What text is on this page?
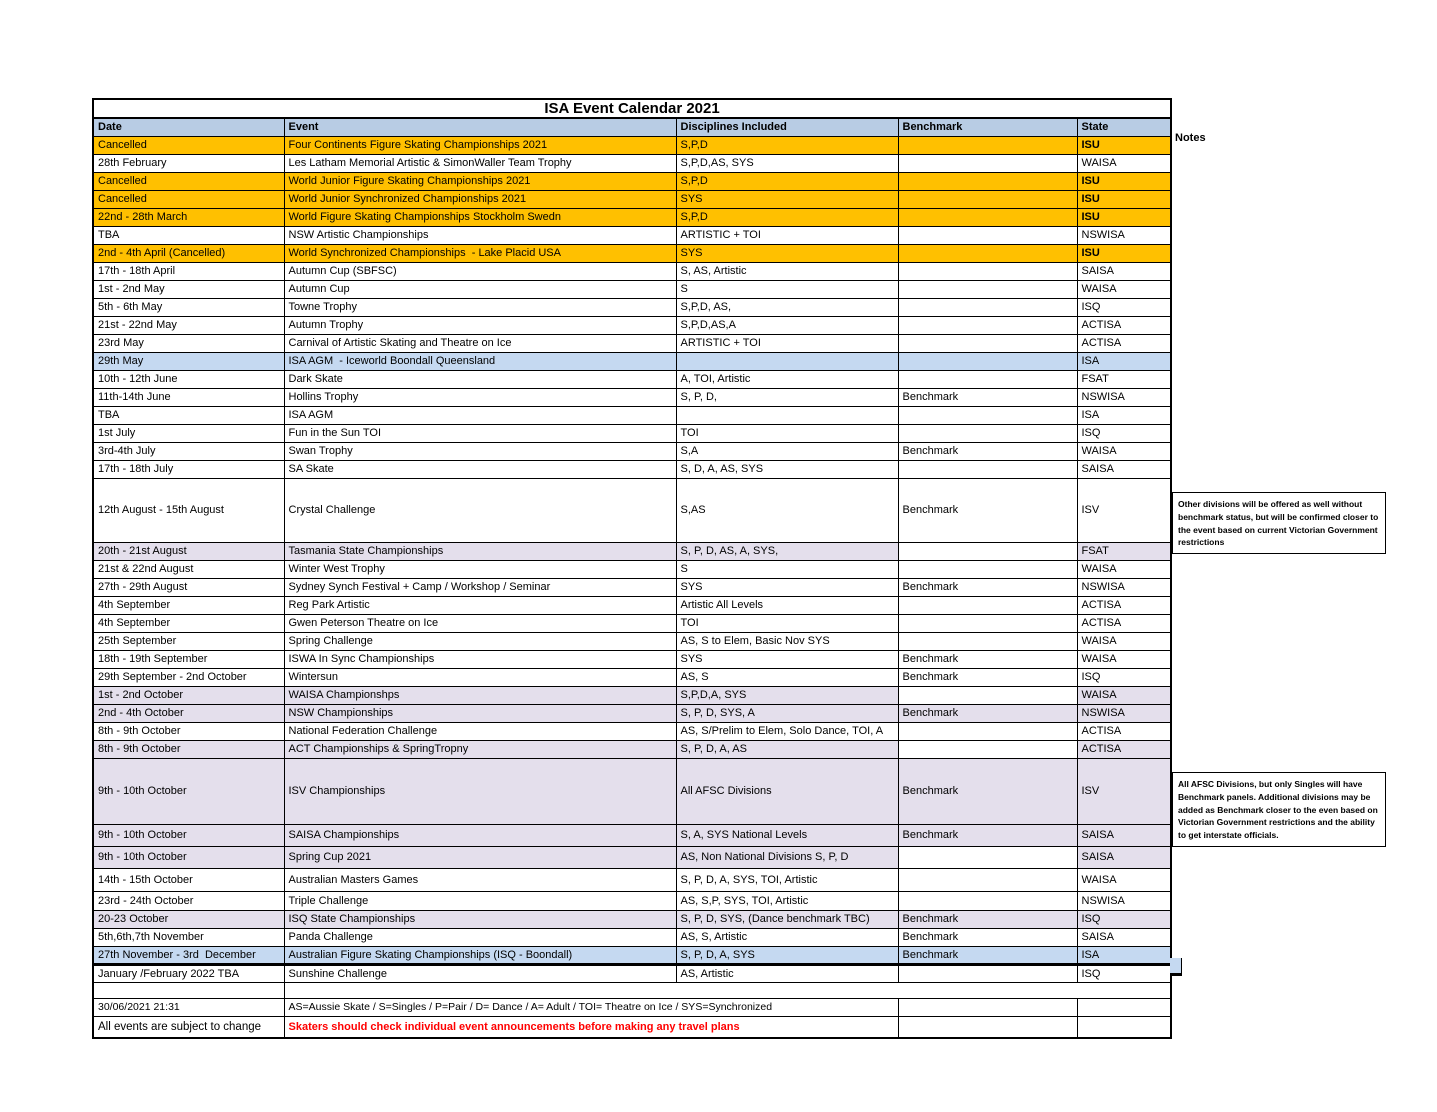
ISA Event Calendar 2021				
Date	Event	Disciplines Included	Benchmark	State
Cancelled	Four Continents Figure Skating Championships 2021	S,P,D		ISU
28th February	Les Latham Memorial Artistic & SimonWaller Team Trophy	S,P,D,AS, SYS		WAISA
Cancelled	World Junior Figure Skating Championships 2021	S,P,D		ISU
Cancelled	World Junior Synchronized Championships 2021	SYS		ISU
22nd - 28th March	World Figure Skating Championships Stockholm Swedn	S,P,D		ISU
TBA	NSW Artistic Championships	ARTISTIC + TOI		NSWISA
2nd - 4th April (Cancelled)	World Synchronized Championships  - Lake Placid USA	SYS		ISU
17th - 18th April	Autumn Cup (SBFSC)	S, AS, Artistic		SAISA
1st - 2nd May	Autumn Cup	S		WAISA
5th - 6th May	Towne Trophy	S,P,D, AS,		ISQ
21st - 22nd May	Autumn Trophy	S,P,D,AS,A		ACTISA
23rd May	Carnival of Artistic Skating and Theatre on Ice	ARTISTIC + TOI		ACTISA
29th May	ISA AGM  - Iceworld Boondall Queensland			ISA
10th - 12th June	Dark Skate	A, TOI, Artistic		FSAT
11th-14th June	Hollins Trophy	S, P, D,	Benchmark	NSWISA
TBA	ISA AGM			ISA
1st July	Fun in the Sun TOI	TOI		ISQ
3rd-4th July	Swan Trophy	S,A	Benchmark	WAISA
17th - 18th July	SA Skate	S, D, A, AS, SYS		SAISA
12th August - 15th August	Crystal Challenge	S,AS	Benchmark	ISV
20th - 21st August	Tasmania State Championships	S, P, D, AS, A, SYS,		FSAT
21st & 22nd August	Winter West Trophy	S		WAISA
27th - 29th August	Sydney Synch Festival + Camp / Workshop / Seminar	SYS	Benchmark	NSWISA
4th September	Reg Park Artistic	Artistic All Levels		ACTISA
4th September	Gwen Peterson Theatre on Ice	TOI		ACTISA
25th September	Spring Challenge	AS, S to Elem, Basic Nov SYS		WAISA
18th - 19th September	ISWA In Sync Championships	SYS	Benchmark	WAISA
29th September - 2nd October	Wintersun	AS, S	Benchmark	ISQ
1st - 2nd October	WAISA Championshps	S,P,D,A, SYS		WAISA
2nd - 4th October	NSW Championships	S, P, D, SYS, A	Benchmark	NSWISA
8th - 9th October	National Federation Challenge	AS, S/Prelim to Elem, Solo Dance, TOI, A		ACTISA
8th - 9th October	ACT Championships & SpringTropny	S, P, D, A, AS		ACTISA
9th - 10th October	ISV Championships	All AFSC Divisions	Benchmark	ISV
9th - 10th October	SAISA Championships	S, A, SYS National Levels	Benchmark	SAISA
9th - 10th October	Spring Cup 2021	AS, Non National Divisions S, P, D		SAISA
14th - 15th October	Australian Masters Games	S, P, D, A, SYS, TOI, Artistic		WAISA
23rd - 24th October	Triple Challenge	AS, S,P, SYS, TOI, Artistic		NSWISA
20-23 October	ISQ State Championships	S, P, D, SYS, (Dance benchmark TBC)	Benchmark	ISQ
5th,6th,7th November	Panda Challenge	AS, S, Artistic	Benchmark	SAISA
27th November - 3rd  December	Australian Figure Skating Championships (ISQ - Boondall)	S, P, D, A, SYS	Benchmark	ISA
January /February 2022 TBA	Sunshine Challenge	AS, Artistic		ISQ

30/06/2021 21:31	AS=Aussie Skate / S=Singles / P=Pair / D= Dance / A= Adult / TOI= Theatre on Ice / SYS=Synchronized			
All events are subject to change	Skaters should check individual event announcements before making any travel plans			
Notes
Other divisions will be offered as well without benchmark status, but will be confirmed closer to the event based on current Victorian Government restrictions
All AFSC Divisions, but only Singles will have Benchmark panels. Additional divisions may be added as Benchmark closer to the even based on Victorian Government restrictions and the ability to get interstate officials.
